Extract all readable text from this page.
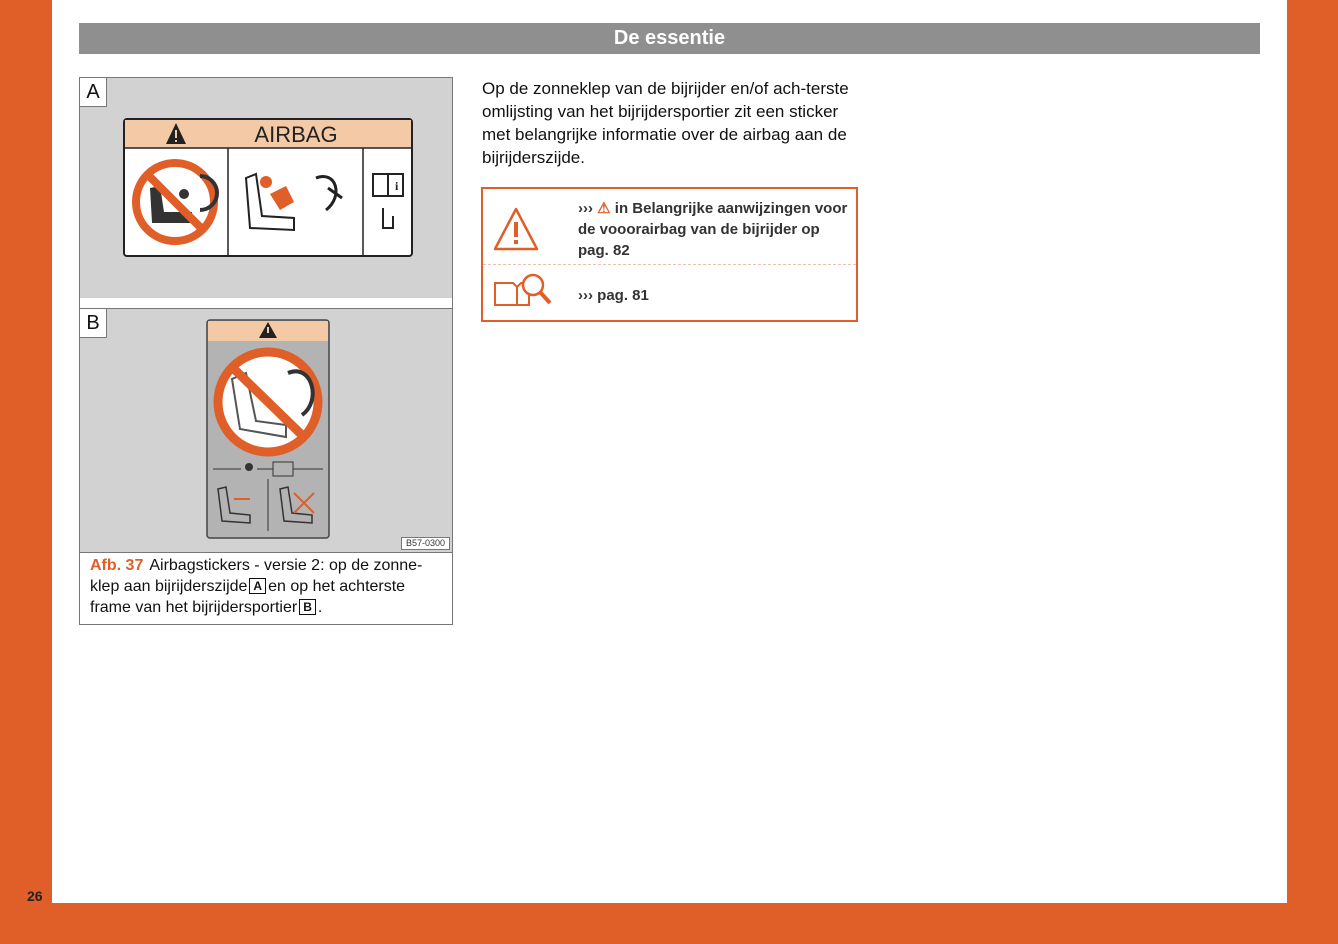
De essentie
A
AIRBAG
i
B
B57-0300
Afb. 37 Airbagstickers - versie 2: op de zonne-klep aan bijrijderszijde A en op het achterste frame van het bijrijdersportier B .
Op de zonneklep van de bijrijder en/of ach-terste omlijsting van het bijrijdersportier zit een sticker met belangrijke informatie over de airbag aan de bijrijderszijde.
››› ⚠ in Belangrijke aanwijzingen voor de vooorairbag van de bijrijder op pag. 82
››› pag. 81
26
